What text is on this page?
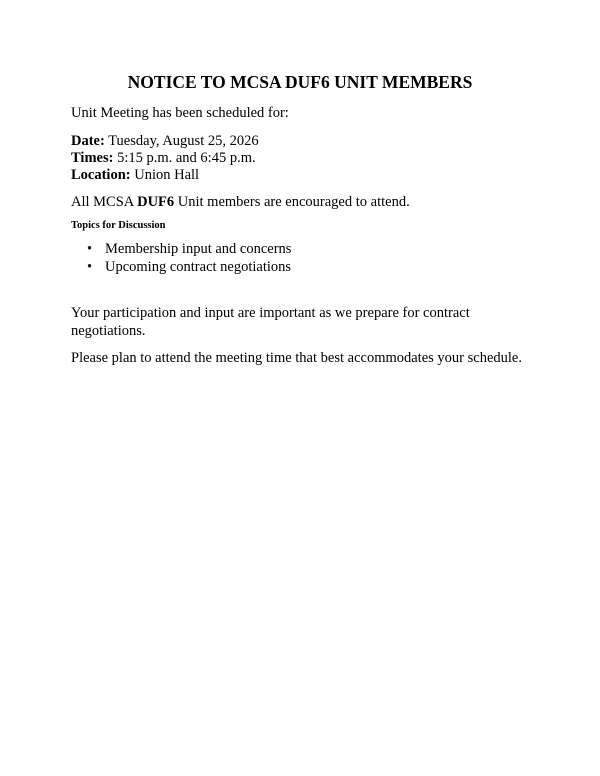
NOTICE TO MCSA DUF6 UNIT MEMBERS

Unit Meeting has been scheduled for:

Date: Tuesday, August 25, 2026
Times: 5:15 p.m. and 6:45 p.m.
Location: Union Hall

All MCSA DUF6 Unit members are encouraged to attend.

Topics for Discussion

• Membership input and concerns
• Upcoming contract negotiations

Your participation and input are important as we prepare for contract negotiations.

Please plan to attend the meeting time that best accommodates your schedule.
